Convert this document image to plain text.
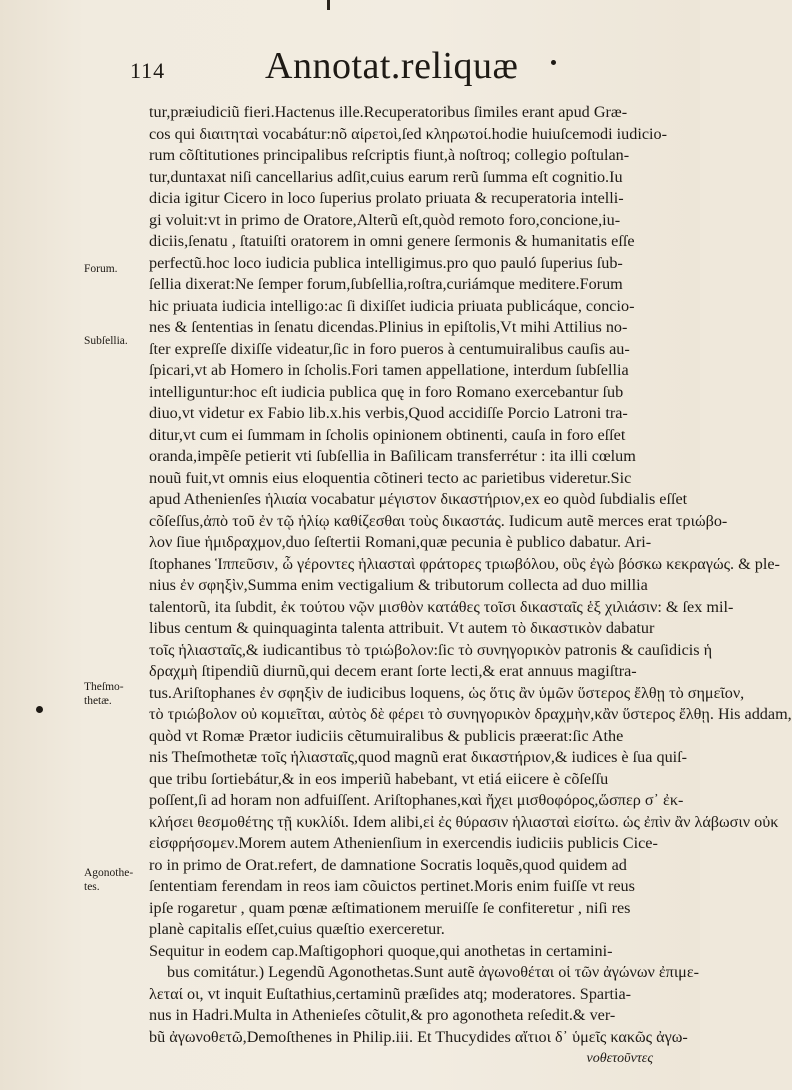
114	Annotat.reliquæ
Forum.
Subſellia.
Theſmo-
thetæ.
Agonothe-
tes.
tur,præiudiciũ fieri.Hactenus ille.Recuperatoribus ſimiles erant apud Græ-
cos qui διαιτηταὶ vocabátur:nõ αἱρετοὶ,ſed κληρωτοί.hodie huiuſcemodi iudicio-
rum cõſtitutiones principalibus reſcriptis fiunt,à noſtroq; collegio poſtulan-
tur,duntaxat niſi cancellarius adſit,cuius earum rerũ ſumma eſt cognitio.Iu
dicia igitur Cicero in loco ſuperius prolato priuata & recuperatoria intelli-
gi voluit:vt in primo de Oratore,Alterũ eſt,quòd remoto foro,concione,iu-
diciis,ſenatu , ſtatuiſti oratorem in omni genere ſermonis & humanitatis eſſe
perfectũ.hoc loco iudicia publica intelligimus.pro quo pauló ſuperius ſub-
ſellia dixerat:Ne ſemper forum,ſubſellia,roſtra,curiámque meditere.Forum
hic priuata iudicia intelligo:ac ſi dixiſſet iudicia priuata publicáque, concio-
nes & ſententias in ſenatu dicendas.Plinius in epiſtolis,Vt mihi Attilius no-
ſter expreſſe dixiſſe videatur,ſic in foro pueros à centumuiralibus cauſis au-
ſpicari,vt ab Homero in ſcholis.Fori tamen appellatione, interdum ſubſellia
intelliguntur:hoc eſt iudicia publica quę in foro Romano exercebantur ſub
diuo,vt videtur ex Fabio lib.x.his verbis,Quod accidiſſe Porcio Latroni tra-
ditur,vt cum ei ſummam in ſcholis opinionem obtinenti, cauſa in foro eſſet
oranda,impẽſe petierit vti ſubſellia in Baſilicam transferrétur : ita illi cœlum
nouũ fuit,vt omnis eius eloquentia cõtineri tecto ac parietibus videretur.Sic
apud Athenienſes ἡλιαία vocabatur μέγιστον δικαστήριον,ex eo quòd ſubdialis eſſet
cõſeſſus,ἀπὸ τοῦ ἐν τῷ ἡλίῳ καθίζεσθαι τοὺς δικαστάς. Iudicum autẽ merces erat τριώβο-
λον ſiue ἡμιδραχμον,duo ſeſtertii Romani,quæ pecunia è publico dabatur. Ari-
ſtophanes Ἱππεῦσιν, ὦ γέροντες ἡλιασταὶ φράτορες τριωβόλου, οὓς ἐγὼ βόσκω κεκραγώς. & ple-
nius ἐν σφηξὶν,Summa enim vectigalium & tributorum collecta ad duo millia
talentorũ, ita ſubdit, ἐκ τούτου νῷν μισθὸν κατάθες τοῖσι δικασταῖς ἑξ χιλιάσιν: & ſex mil-
libus centum & quinquaginta talenta attribuit. Vt autem τὸ δικαστικὸν dabatur
τοῖς ἡλιασταῖς,& iudicantibus τὸ τριώβολον:ſic τὸ συνηγορικὸν patronis & cauſidicis ἡ
δραχμὴ ſtipendiũ diurnũ,qui decem erant ſorte lecti,& erat annuus magiſtra-
tus.Ariſtophanes ἐν σφηξὶν de iudicibus loquens, ὡς ὅτις ἂν ὑμῶν ὕστερος ἔλθῃ τὸ σημεῖον,
τὸ τριώβολον οὐ κομιεῖται, αὐτὸς δὲ φέρει τὸ συνηγορικὸν δραχμὴν,κἂν ὕστερος ἔλθῃ. His addam,
quòd vt Romæ Prætor iudiciis cẽtumuiralibus & publicis præerat:ſic Athe
nis Theſmothetæ τοῖς ἡλιασταῖς,quod magnũ erat δικαστήριον,& iudices è ſua quiſ-
que tribu ſortiebátur,& in eos imperiũ habebant, vt etiá eiicere è cõſeſſu
poſſent,ſi ad horam non adfuiſſent. Ariſtophanes,καὶ ἤχει μισθοφόρος,ὥσπερ σ᾽ ἐκ-
κλήσει θεσμοθέτης τῇ κυκλίδι. Idem alibi,εἰ ἐς θύρασιν ἡλιασταὶ εἰσίτω. ὡς ἐπὶν ἂν λάβωσιν οὐκ
εἰσφρήσομεν.Morem autem Athenienſium in exercendis iudiciis publicis Cice-
ro in primo de Orat.refert, de damnatione Socratis loquẽs,quod quidem ad
ſententiam ferendam in reos iam cõuictos pertinet.Moris enim fuiſſe vt reus
ipſe rogaretur , quam pœnæ æſtimationem meruiſſe ſe confiteretur , niſi res
planè capitalis eſſet,cuius quæſtio exerceretur.
Sequitur in eodem cap.Maſtigophori quoque,qui anothetas in certamini-
bus comitátur.) Legendũ Agonothetas.Sunt autẽ ἀγωνοθέται οἱ τῶν ἀγώνων ἐπιμε-
λεταί οι, vt inquit Euſtathius,certaminũ præſides atq; moderatores. Spartia-
nus in Hadri.Multa in Athenieſes cõtulit,& pro agonotheta reſedit.& ver-
bũ ἀγωνοθετῶ,Demoſthenes in Philip.iii. Et Thucydides αἴτιοι δ᾽ ὑμεῖς κακῶς ἀγω-
νοθετοῦντες
